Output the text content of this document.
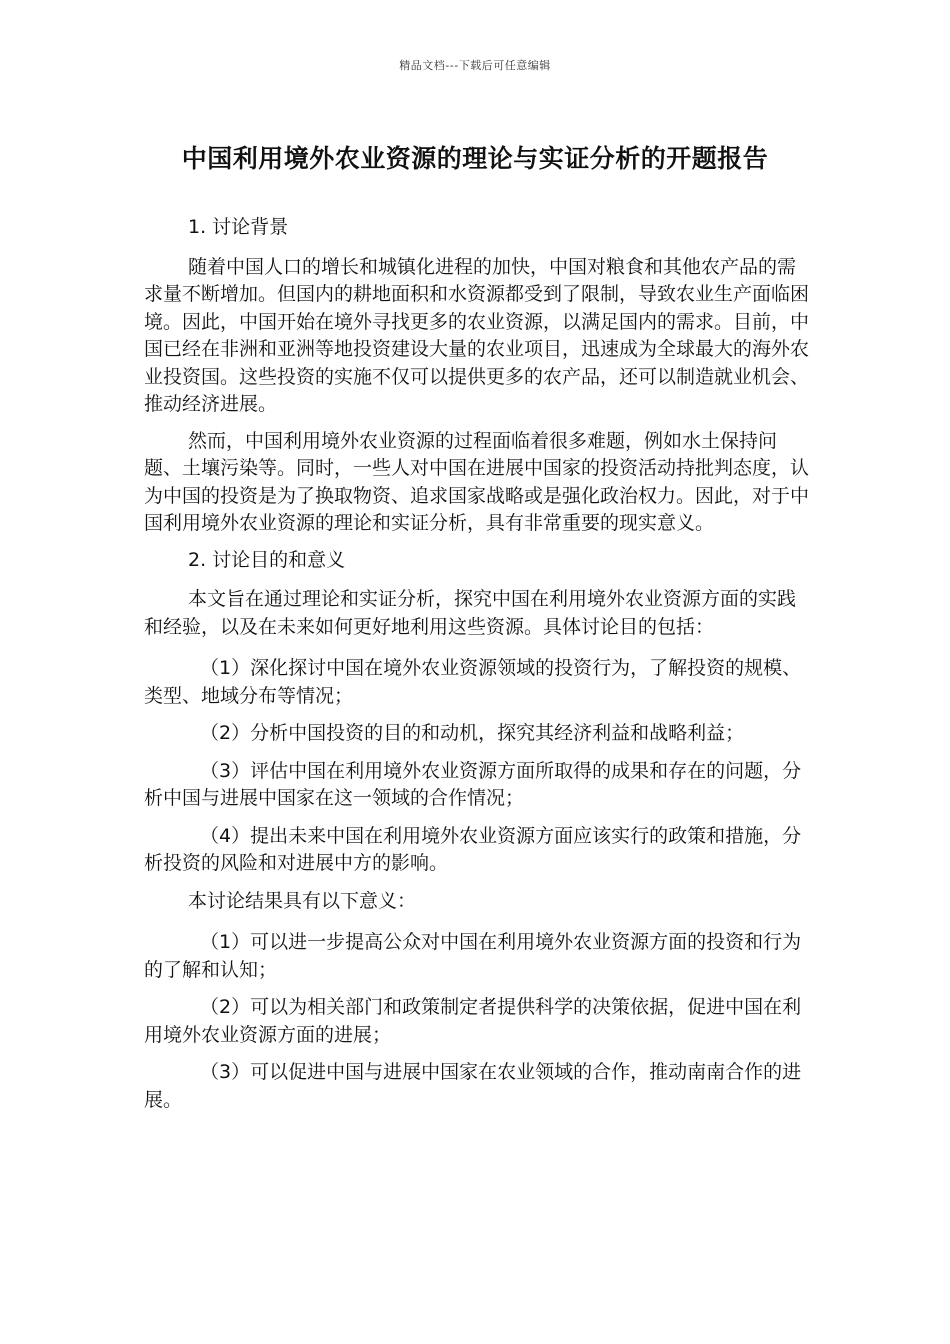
精品文档---下载后可任意编辑
中国利用境外农业资源的理论与实证分析的开题报告

1. 讨论背景

随着中国人口的增长和城镇化进程的加快，中国对粮食和其他农产品的需求量不断增加。但国内的耕地面积和水资源都受到了限制，导致农业生产面临困境。因此，中国开始在境外寻找更多的农业资源，以满足国内的需求。目前，中国已经在非洲和亚洲等地投资建设大量的农业项目，迅速成为全球最大的海外农业投资国。这些投资的实施不仅可以提供更多的农产品，还可以制造就业机会、推动经济进展。

然而，中国利用境外农业资源的过程面临着很多难题，例如水土保持问题、土壤污染等。同时，一些人对中国在进展中国家的投资活动持批判态度，认为中国的投资是为了换取物资、追求国家战略或是强化政治权力。因此，对于中国利用境外农业资源的理论和实证分析，具有非常重要的现实意义。

2. 讨论目的和意义

本文旨在通过理论和实证分析，探究中国在利用境外农业资源方面的实践和经验，以及在未来如何更好地利用这些资源。具体讨论目的包括：

（1）深化探讨中国在境外农业资源领域的投资行为，了解投资的规模、类型、地域分布等情况；

（2）分析中国投资的目的和动机，探究其经济利益和战略利益；

（3）评估中国在利用境外农业资源方面所取得的成果和存在的问题，分析中国与进展中国家在这一领域的合作情况；

（4）提出未来中国在利用境外农业资源方面应该实行的政策和措施，分析投资的风险和对进展中方的影响。

本讨论结果具有以下意义：

（1）可以进一步提高公众对中国在利用境外农业资源方面的投资和行为的了解和认知；

（2）可以为相关部门和政策制定者提供科学的决策依据，促进中国在利用境外农业资源方面的进展；

（3）可以促进中国与进展中国家在农业领域的合作，推动南南合作的进展。
